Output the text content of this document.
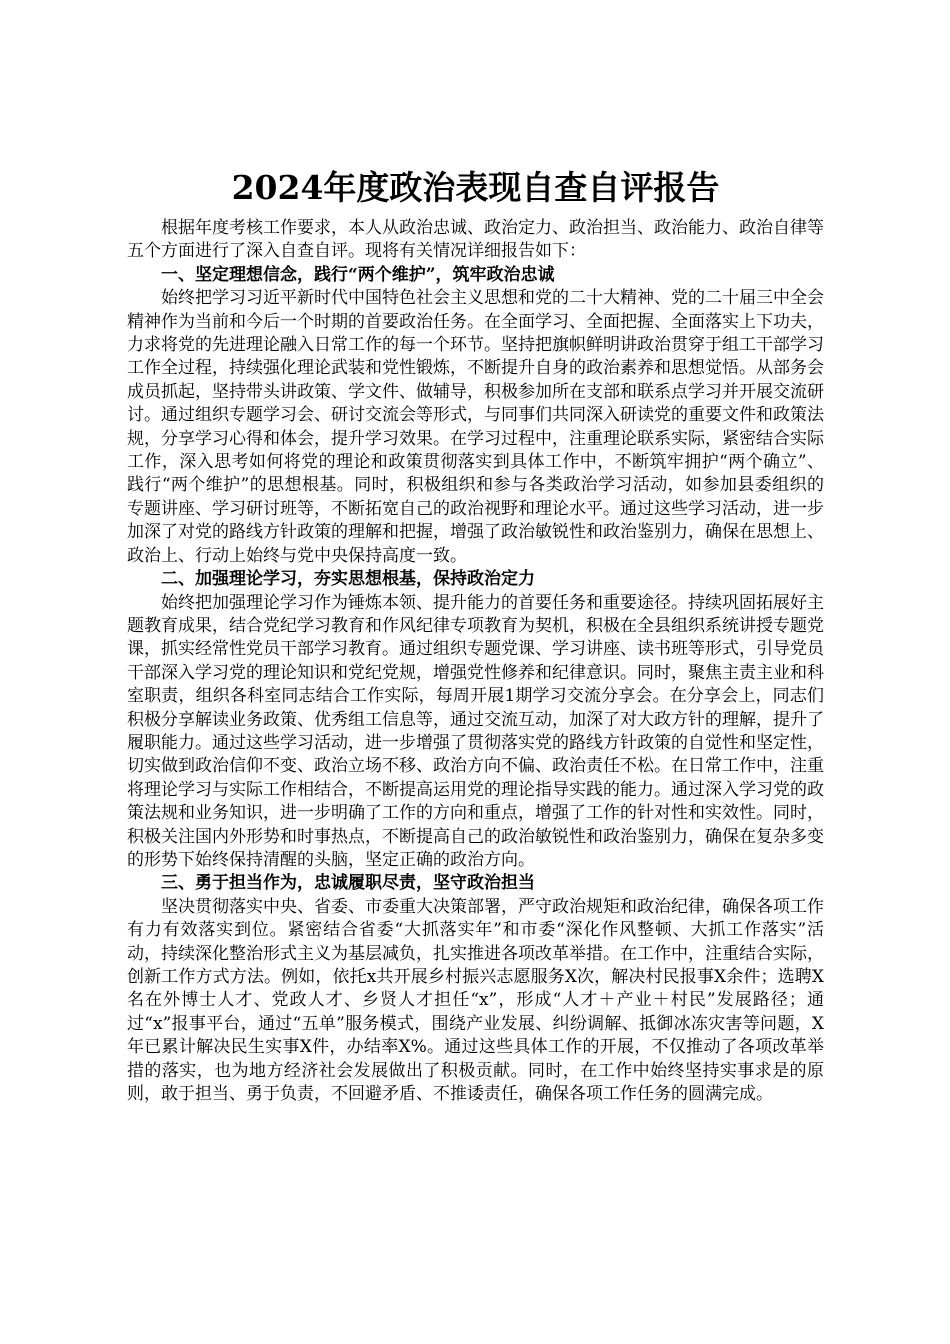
2024年度政治表现自查自评报告

根据年度考核工作要求，本人从政治忠诚、政治定力、政治担当、政治能力、政治自律等五个方面进行了深入自查自评。现将有关情况详细报告如下：

一、坚定理想信念，践行“两个维护”，筑牢政治忠诚

始终把学习习近平新时代中国特色社会主义思想和党的二十大精神、党的二十届三中全会精神作为当前和今后一个时期的首要政治任务。在全面学习、全面把握、全面落实上下功夫，力求将党的先进理论融入日常工作的每一个环节。坚持把旗帜鲜明讲政治贯穿于组工干部学习工作全过程，持续强化理论武装和党性锻炼，不断提升自身的政治素养和思想觉悟。从部务会成员抓起，坚持带头讲政策、学文件、做辅导，积极参加所在支部和联系点学习并开展交流研讨。通过组织专题学习会、研讨交流会等形式，与同事们共同深入研读党的重要文件和政策法规，分享学习心得和体会，提升学习效果。在学习过程中，注重理论联系实际，紧密结合实际工作，深入思考如何将党的理论和政策贯彻落实到具体工作中，不断筑牢拥护“两个确立”、践行“两个维护”的思想根基。同时，积极组织和参与各类政治学习活动，如参加县委组织的专题讲座、学习研讨班等，不断拓宽自己的政治视野和理论水平。通过这些学习活动，进一步加深了对党的路线方针政策的理解和把握，增强了政治敏锐性和政治鉴别力，确保在思想上、政治上、行动上始终与党中央保持高度一致。

二、加强理论学习，夯实思想根基，保持政治定力

始终把加强理论学习作为锤炼本领、提升能力的首要任务和重要途径。持续巩固拓展好主题教育成果，结合党纪学习教育和作风纪律专项教育为契机，积极在全县组织系统讲授专题党课，抓实经常性党员干部学习教育。通过组织专题党课、学习讲座、读书班等形式，引导党员干部深入学习党的理论知识和党纪党规，增强党性修养和纪律意识。同时，聚焦主责主业和科室职责，组织各科室同志结合工作实际，每周开展1期学习交流分享会。在分享会上，同志们积极分享解读业务政策、优秀组工信息等，通过交流互动，加深了对大政方针的理解，提升了履职能力。通过这些学习活动，进一步增强了贯彻落实党的路线方针政策的自觉性和坚定性，切实做到政治信仰不变、政治立场不移、政治方向不偏、政治责任不松。在日常工作中，注重将理论学习与实际工作相结合，不断提高运用党的理论指导实践的能力。通过深入学习党的政策法规和业务知识，进一步明确了工作的方向和重点，增强了工作的针对性和实效性。同时，积极关注国内外形势和时事热点，不断提高自己的政治敏锐性和政治鉴别力，确保在复杂多变的形势下始终保持清醒的头脑，坚定正确的政治方向。

三、勇于担当作为，忠诚履职尽责，坚守政治担当

坚决贯彻落实中央、省委、市委重大决策部署，严守政治规矩和政治纪律，确保各项工作有力有效落实到位。紧密结合省委“大抓落实年”和市委“深化作风整顿、大抓工作落实”活动，持续深化整治形式主义为基层减负，扎实推进各项改革举措。在工作中，注重结合实际，创新工作方式方法。例如，依托x共开展乡村振兴志愿服务X次，解决村民报事X余件；选聘X名在外博士人才、党政人才、乡贤人才担任“x”，形成“人才＋产业＋村民”发展路径；通过“x”报事平台，通过“五单”服务模式，围绕产业发展、纠纷调解、抵御冰冻灾害等问题，X年已累计解决民生实事X件，办结率X%。通过这些具体工作的开展，不仅推动了各项改革举措的落实，也为地方经济社会发展做出了积极贡献。同时，在工作中始终坚持实事求是的原则，敢于担当、勇于负责，不回避矛盾、不推诿责任，确保各项工作任务的圆满完成。
